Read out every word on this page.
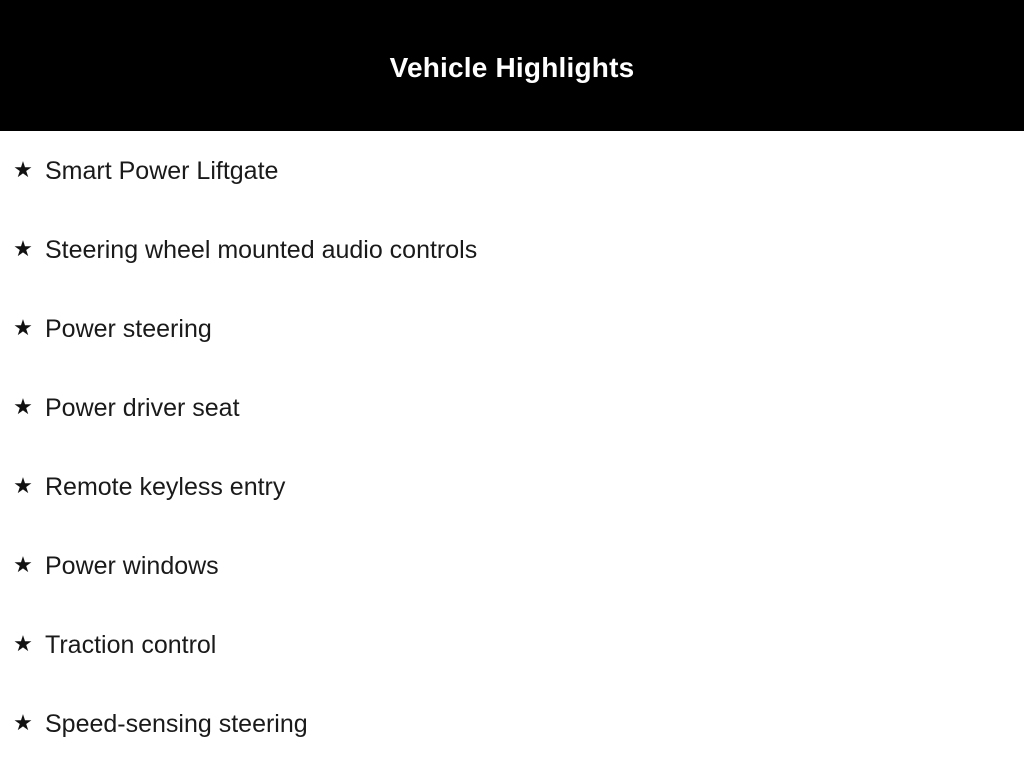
Vehicle Highlights
★ Smart Power Liftgate
★ Steering wheel mounted audio controls
★ Power steering
★ Power driver seat
★ Remote keyless entry
★ Power windows
★ Traction control
★ Speed-sensing steering
